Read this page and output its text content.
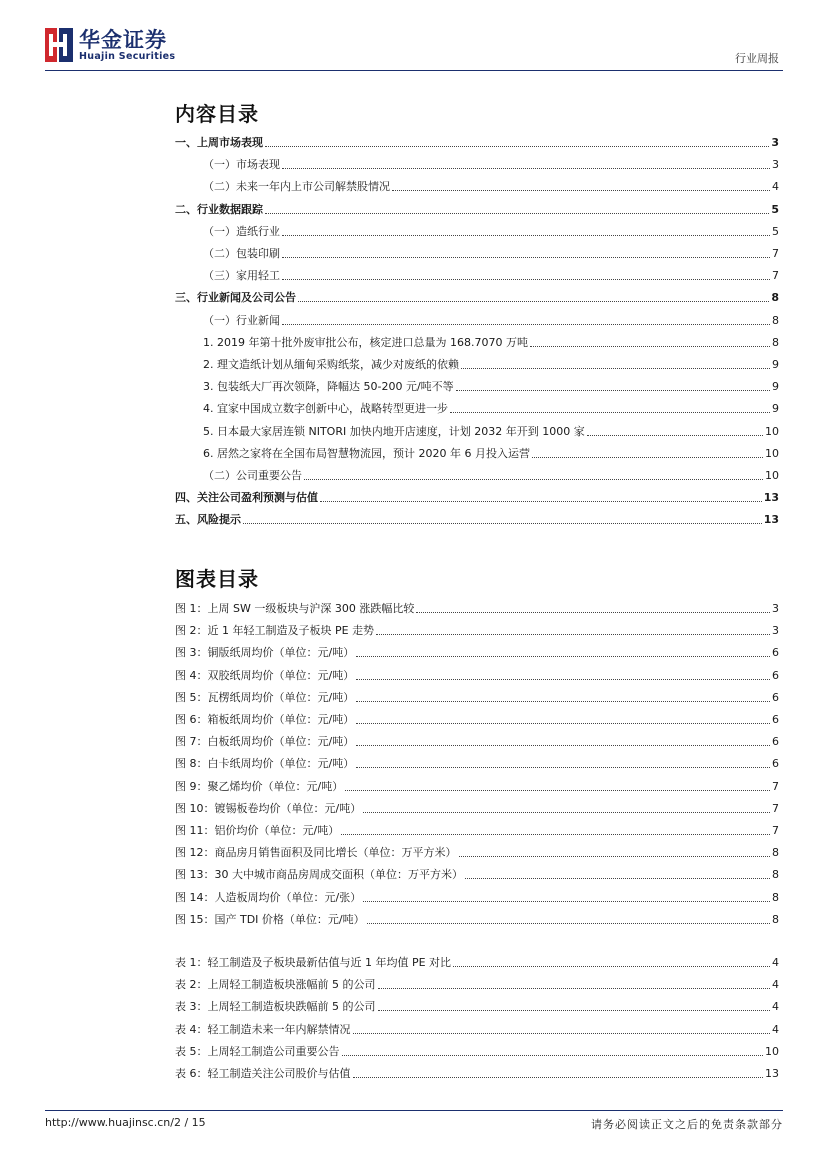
华金证券
Huajin Securities	行业周报
内容目录
一、上周市场表现	3
（一）市场表现	3
（二）未来一年内上市公司解禁股情况	4
二、行业数据跟踪	5
（一）造纸行业	5
（二）包装印刷	7
（三）家用轻工	7
三、行业新闻及公司公告	8
（一）行业新闻	8
1. 2019 年第十批外废审批公布，核定进口总量为 168.7070 万吨	8
2. 理文造纸计划从缅甸采购纸浆，减少对废纸的依赖	9
3. 包装纸大厂再次领降，降幅达 50-200 元/吨不等	9
4. 宜家中国成立数字创新中心，战略转型更进一步	9
5. 日本最大家居连锁 NITORI 加快内地开店速度，计划 2032 年开到 1000 家	10
6. 居然之家将在全国布局智慧物流园，预计 2020 年 6 月投入运营	10
（二）公司重要公告	10
四、关注公司盈利预测与估值	13
五、风险提示	13
图表目录
图 1：上周 SW 一级板块与沪深 300 涨跌幅比较	3
图 2：近 1 年轻工制造及子板块 PE 走势	3
图 3：铜版纸周均价（单位：元/吨）	6
图 4：双胶纸周均价（单位：元/吨）	6
图 5：瓦楞纸周均价（单位：元/吨）	6
图 6：箱板纸周均价（单位：元/吨）	6
图 7：白板纸周均价（单位：元/吨）	6
图 8：白卡纸周均价（单位：元/吨）	6
图 9：聚乙烯均价（单位：元/吨）	7
图 10：镀锡板卷均价（单位：元/吨）	7
图 11：铝价均价（单位：元/吨）	7
图 12：商品房月销售面积及同比增长（单位：万平方米）	8
图 13：30 大中城市商品房周成交面积（单位：万平方米）	8
图 14：人造板周均价（单位：元/张）	8
图 15：国产 TDI 价格（单位：元/吨）	8
表 1：轻工制造及子板块最新估值与近 1 年均值 PE 对比	4
表 2：上周轻工制造板块涨幅前 5 的公司	4
表 3：上周轻工制造板块跌幅前 5 的公司	4
表 4：轻工制造未来一年内解禁情况	4
表 5：上周轻工制造公司重要公告	10
表 6：轻工制造关注公司股价与估值	13
http://www.huajinsc.cn/2 / 15	请务必阅读正文之后的免责条款部分
